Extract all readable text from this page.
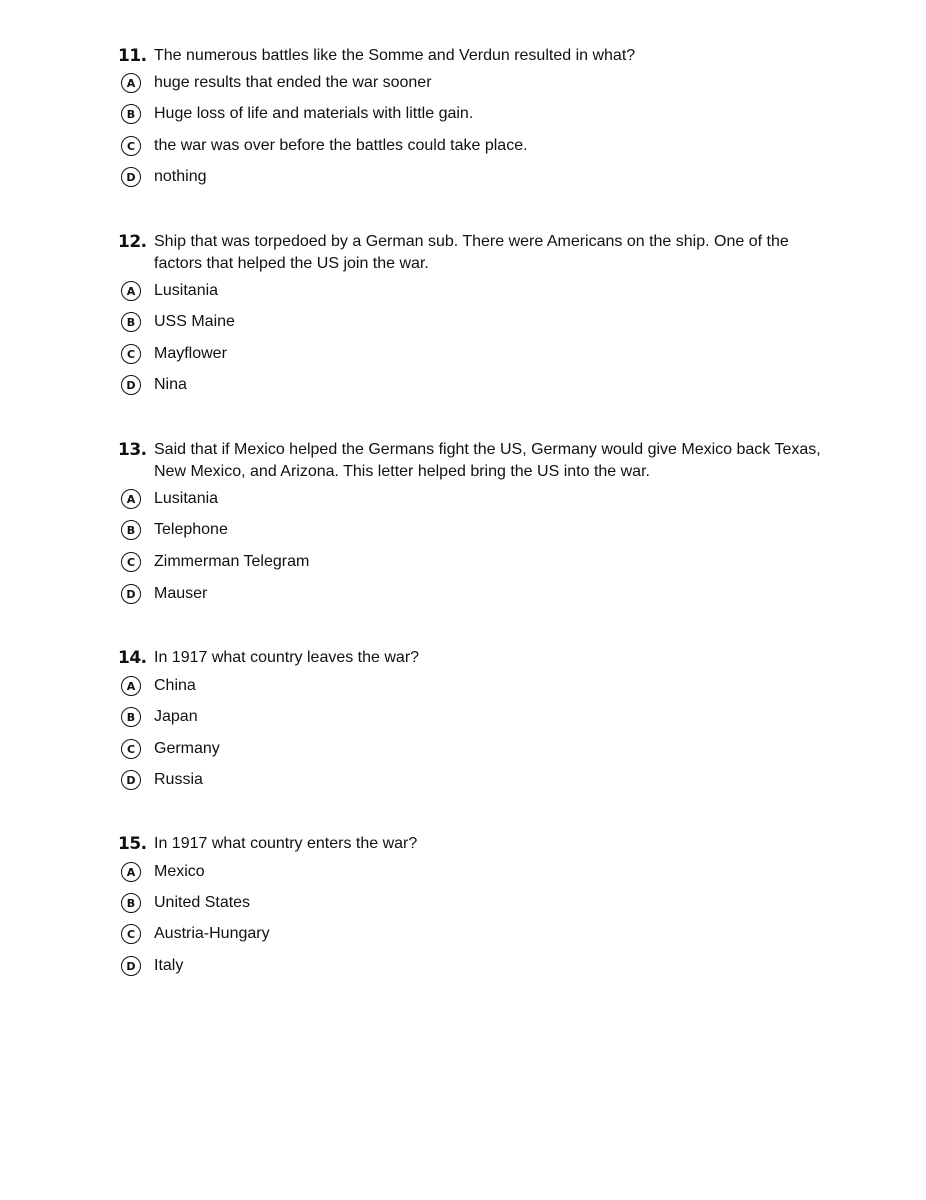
11. The numerous battles like the Somme and Verdun resulted in what?
A	huge results that ended the war sooner
B	Huge loss of life and materials with little gain.
C	the war was over before the battles could take place.
D	nothing
12. Ship that was torpedoed by a German sub. There were Americans on the ship. One of the factors that helped the US join the war.
A	Lusitania
B	USS Maine
C	Mayflower
D	Nina
13. Said that if Mexico helped the Germans fight the US, Germany would give Mexico back Texas, New Mexico, and Arizona. This letter helped bring the US into the war.
A	Lusitania
B	Telephone
C	Zimmerman Telegram
D	Mauser
14. In 1917 what country leaves the war?
A	China
B	Japan
C	Germany
D	Russia
15. In 1917 what country enters the war?
A	Mexico
B	United States
C	Austria-Hungary
D	Italy
